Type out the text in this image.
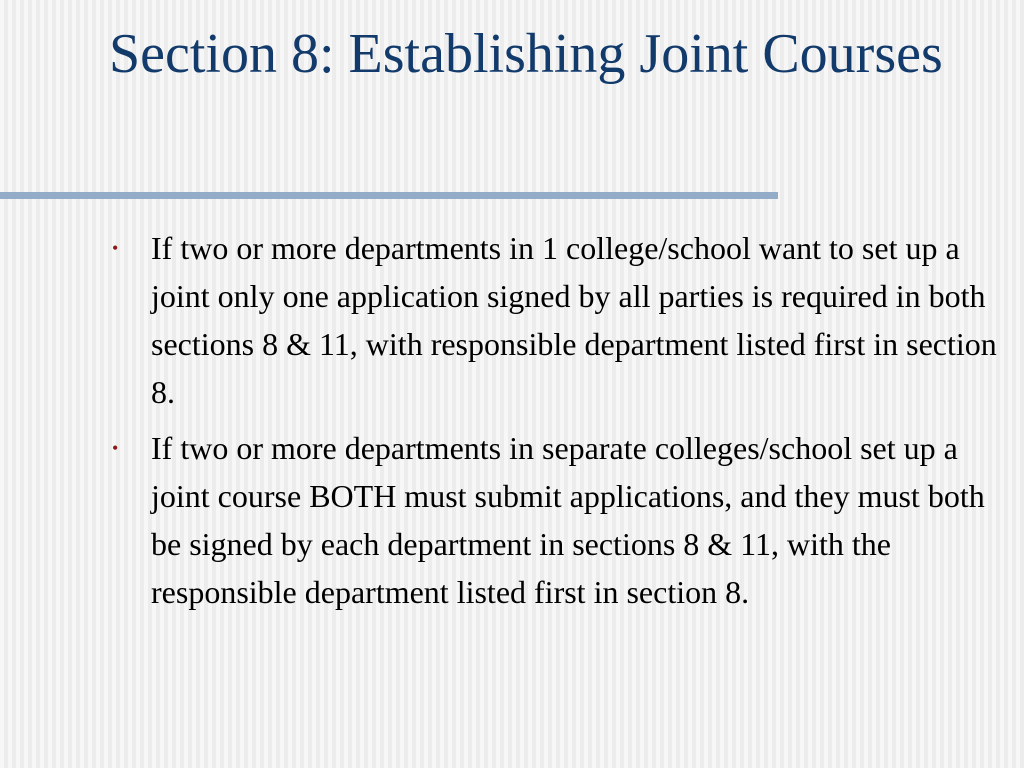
Section 8: Establishing Joint Courses
• If two or more departments in 1 college/school want to set up a joint only one application signed by all parties is required in both sections 8 & 11, with responsible department listed first in section 8.
• If two or more departments in separate colleges/school set up a joint course BOTH must submit applications, and they must both be signed by each department in sections 8 & 11, with the responsible department listed first in section 8.
